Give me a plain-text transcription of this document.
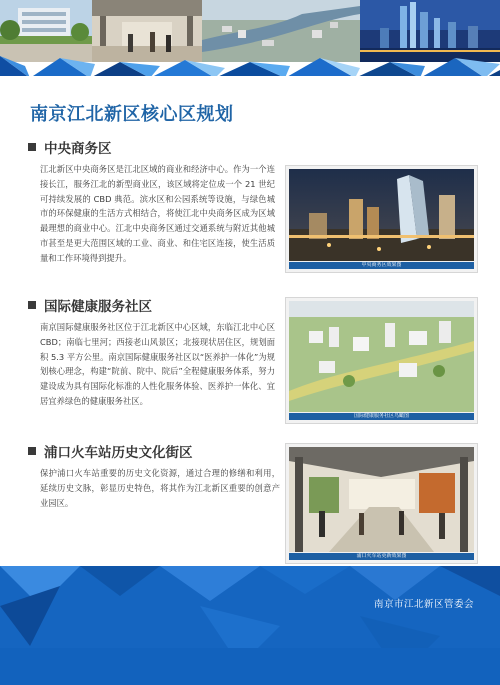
南京江北新区核心区规划
中央商务区

江北新区中央商务区是江北区域的商业和经济中心。作为一个连接长江，服务江北的新型商业区，该区域将定位成一个 21 世纪可持续发展的 CBD 典范。滨水区和公园系统等设施，与绿色城市的环保健康的生活方式相结合，将使江北中央商务区成为区域最理想的商业中心。江北中央商务区通过交通系统与附近其他城市甚至是更大范围区域的工业、商业、和住宅区连接，使生活质量和工作环境得到提升。

中央商务区效果图
国际健康服务社区

南京国际健康服务社区位于江北新区中心区域，东临江北中心区 CBD；南临七里河；西接老山风景区；北接现状居住区，规划面积 5.3 平方公里。南京国际健康服务社区以“医养护一体化”为规划核心理念，构建“院前、院中、院后”全程健康服务体系，努力建设成为具有国际化标准的人性化服务体验、医养护一体化、宜居宜养绿色的健康服务社区。

国际健康服务社区鸟瞰图
浦口火车站历史文化街区

保护浦口火车站重要的历史文化资源，通过合理的修缮和利用，延续历史文脉，彰显历史特色，将其作为江北新区重要的创意产业园区。

浦口火车站更新效果图
南京市江北新区管委会
